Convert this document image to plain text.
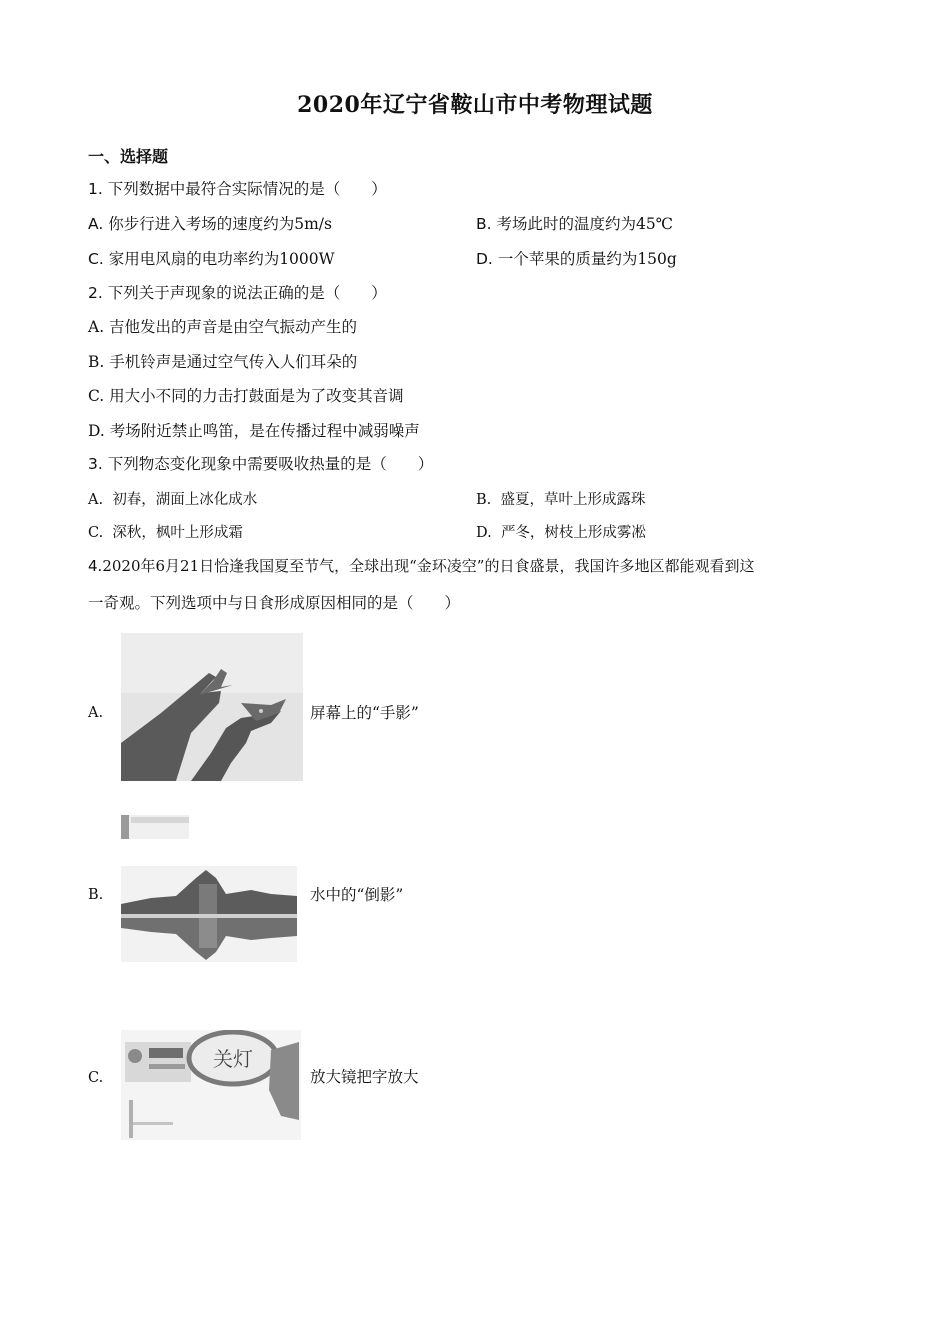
2020年辽宁省鞍山市中考物理试题
一、选择题
1. 下列数据中最符合实际情况的是（　　）
A. 你步行进入考场的速度约为5m/s	B. 考场此时的温度约为45℃
C. 家用电风扇的电功率约为1000W	D. 一个苹果的质量约为150g
2. 下列关于声现象的说法正确的是（　　）
A. 吉他发出的声音是由空气振动产生的
B. 手机铃声是通过空气传入人们耳朵的
C. 用大小不同的力击打鼓面是为了改变其音调
D. 考场附近禁止鸣笛，是在传播过程中减弱噪声
3. 下列物态变化现象中需要吸收热量的是（　　）
A. 初春，湖面上冰化成水	B. 盛夏，草叶上形成露珠
C. 深秋，枫叶上形成霜	D. 严冬，树枝上形成雾凇
4.2020年6月21日恰逢我国夏至节气，全球出现“金环凌空”的日食盛景，我国许多地区都能观看到这
一奇观。下列选项中与日食形成原因相同的是（　　）
A.	屏幕上的“手影”
B.	水中的“倒影”
C.
关灯
放大镜把字放大
